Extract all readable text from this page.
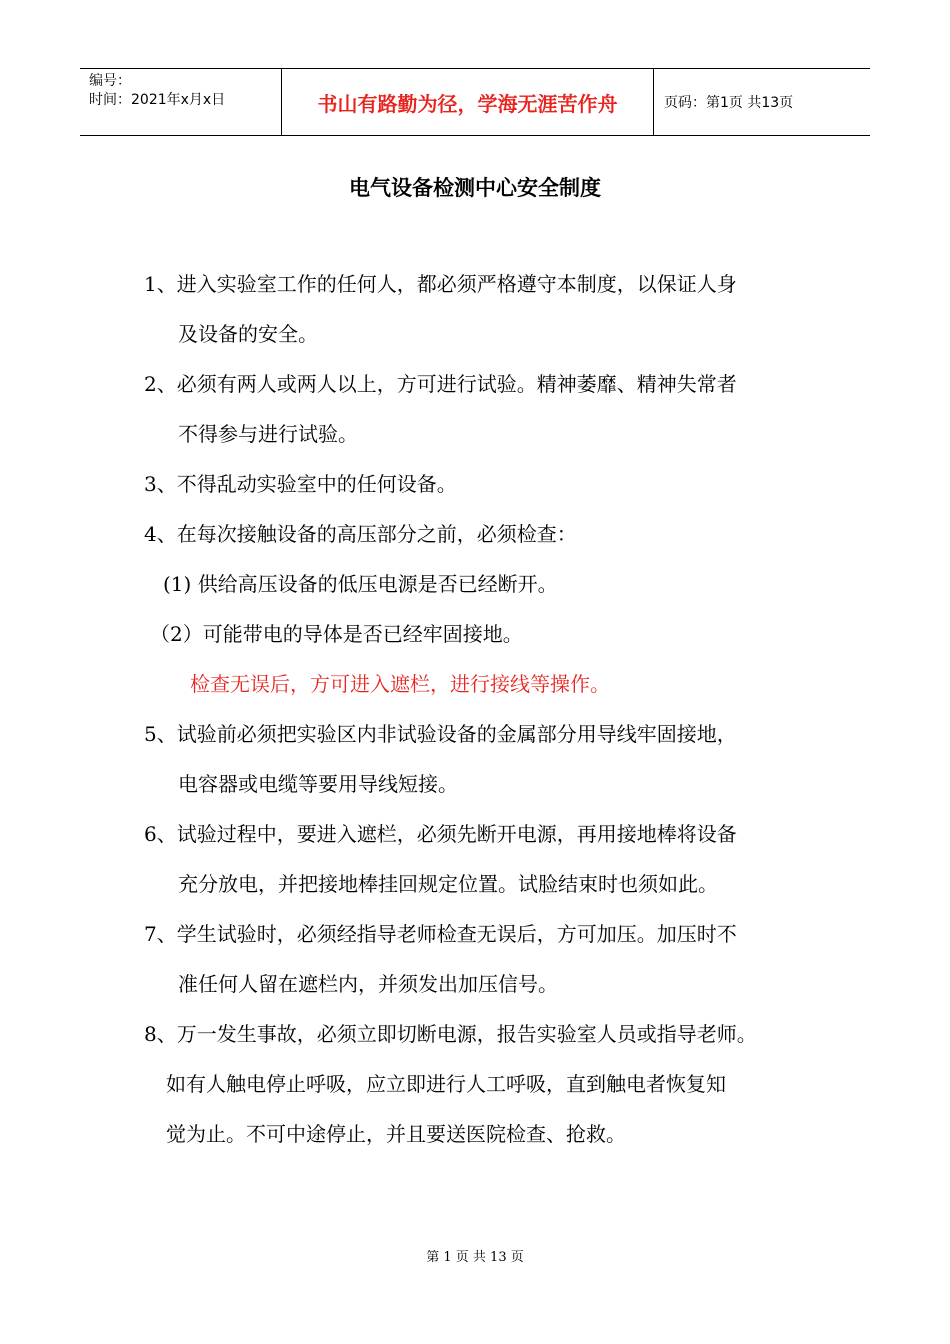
编号：
时间：2021年x月x日	书山有路勤为径，学海无涯苦作舟	页码：第1页 共13页
电气设备检测中心安全制度
1、进入实验室工作的任何人，都必须严格遵守本制度，以保证人身
及设备的安全。
2、必须有两人或两人以上，方可进行试验。精神萎靡、精神失常者
不得参与进行试验。
3、不得乱动实验室中的任何设备。
4、在每次接触设备的高压部分之前，必须检查：
(1) 供给高压设备的低压电源是否已经断开。
（2）可能带电的导体是否已经牢固接地。
检查无误后，方可进入遮栏，进行接线等操作。
5、试验前必须把实验区内非试验设备的金属部分用导线牢固接地，
电容器或电缆等要用导线短接。
6、试验过程中，要进入遮栏，必须先断开电源，再用接地棒将设备
充分放电，并把接地棒挂回规定位置。试脸结束时也须如此。
7、学生试验时，必须经指导老师检查无误后，方可加压。加压时不
准任何人留在遮栏内，并须发出加压信号。
8、万一发生事故，必须立即切断电源，报告实验室人员或指导老师。
如有人触电停止呼吸，应立即进行人工呼吸，直到触电者恢复知
觉为止。不可中途停止，并且要送医院检查、抢救。
第 1 页 共 13 页
